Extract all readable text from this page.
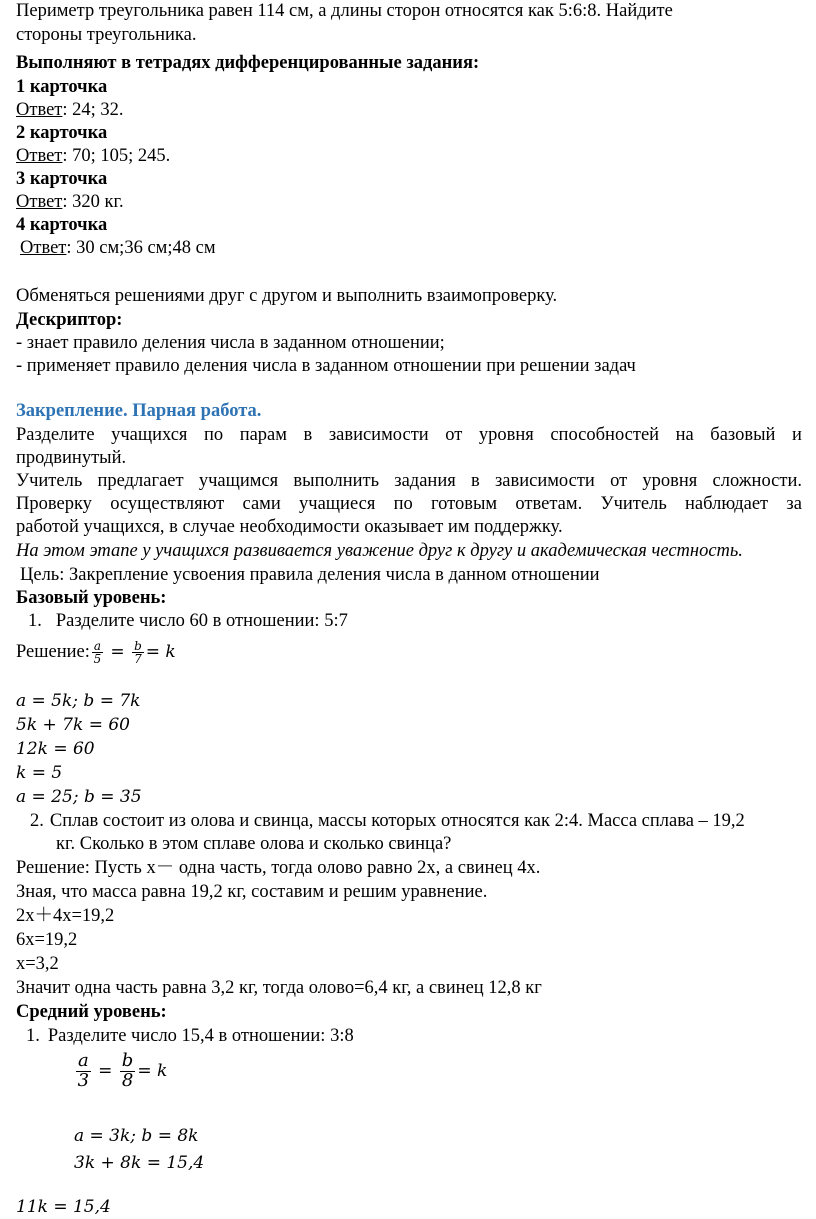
Периметр треугольника равен 114 см, а длины сторон относятся как 5:6:8. Найдите
стороны треугольника.
Выполняют в тетрадях дифференцированные задания:
1 карточка
Ответ: 24; 32.
2 карточка
Ответ: 70; 105; 245.
3 карточка
Ответ: 320 кг.
4 карточка
Ответ: 30 см;36 см;48 см
Обменяться решениями друг с другом и выполнить взаимопроверку.
Дескриптор:
- знает правило деления числа в заданном отношении;
- применяет правило деления числа в заданном отношении при решении задач
Закрепление. Парная работа.
Разделите учащихся по парам в зависимости от уровня способностей на базовый и
продвинутый.
Учитель предлагает учащимся выполнить задания в зависимости от уровня сложности.
Проверку осуществляют сами учащиеся по готовым ответам. Учитель наблюдает за
работой учащихся, в случае необходимости оказывает им поддержку.
На этом этапе у учащихся развивается уважение друг к другу и академическая честность.
Цель: Закрепление усвоения правила деления числа в данном отношении
Базовый уровень:
1. Разделите число 60 в отношении: 5:7
Решение: $\frac{a}{5} = \frac{b}{7} = k$
a = 5k; b = 7k
5k + 7k = 60
12k = 60
k = 5
a = 25; b = 35
2. Сплав состоит из олова и свинца, массы которых относятся как 2:4. Масса сплава – 19,2
кг. Сколько в этом сплаве олова и сколько свинца?
Решение: Пусть х－ одна часть, тогда олово равно 2х, а свинец 4х.
Зная, что масса равна 19,2 кг, составим и решим уравнение.
2х＋4х=19,2
6х=19,2
х=3,2
Значит одна часть равна 3,2 кг, тогда олово=6,4 кг, а свинец 12,8 кг
Средний уровень:
1. Разделите число 15,4 в отношении: 3:8
$\frac{a}{3} = \frac{b}{8} = k$
a = 3k; b = 8k
3k + 8k = 15,4
11k = 15,4
